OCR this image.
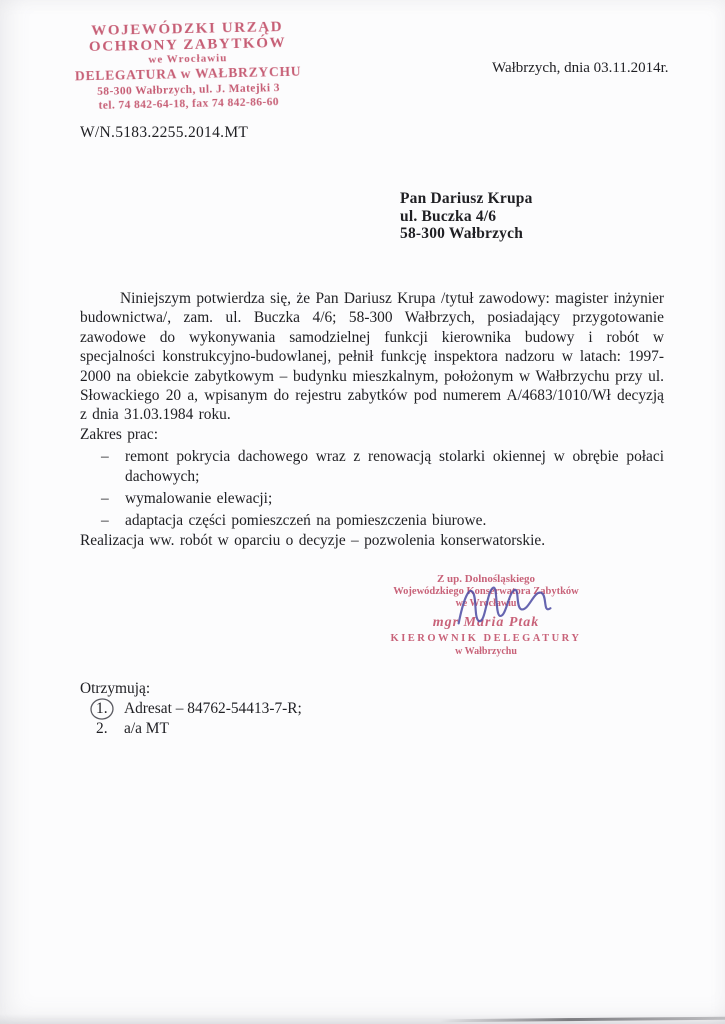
WOJEWÓDZKI URZĄD
OCHRONY ZABYTKÓW
we Wrocławiu
DELEGATURA w WAŁBRZYCHU
58-300 Wałbrzych, ul. J. Matejki 3
tel. 74 842-64-18, fax 74 842-86-60
Wałbrzych, dnia 03.11.2014r.
W/N.5183.2255.2014.MT
Pan Dariusz Krupa
ul. Buczka 4/6
58-300 Wałbrzych

Niniejszym potwierdza się, że Pan Dariusz Krupa /tytuł zawodowy: magister inżynier budownictwa/, zam. ul. Buczka 4/6; 58-300 Wałbrzych, posiadający przygotowanie zawodowe do wykonywania samodzielnej funkcji kierownika budowy i robót w specjalności konstrukcyjno-budowlanej, pełnił funkcję inspektora nadzoru w latach: 1997-2000 na obiekcie zabytkowym – budynku mieszkalnym, położonym w Wałbrzychu przy ul. Słowackiego 20 a, wpisanym do rejestru zabytków pod numerem A/4683/1010/Wł decyzją z dnia 31.03.1984 roku.

Zakres prac:

– remont pokrycia dachowego wraz z renowacją stolarki okiennej w obrębie połaci dachowych;
– wymalowanie elewacji;
– adaptacja części pomieszczeń na pomieszczenia biurowe.

Realizacja ww. robót w oparciu o decyzje – pozwolenia konserwatorskie.

Z up. Dolnośląskiego
Wojewódzkiego Konserwatora Zabytków
we Wrocławiu
mgr Maria Ptak
KIEROWNIK DELEGATURY
w Wałbrzychu

Otrzymują:

1.	Adresat – 84762-54413-7-R;
2.	a/a MT
